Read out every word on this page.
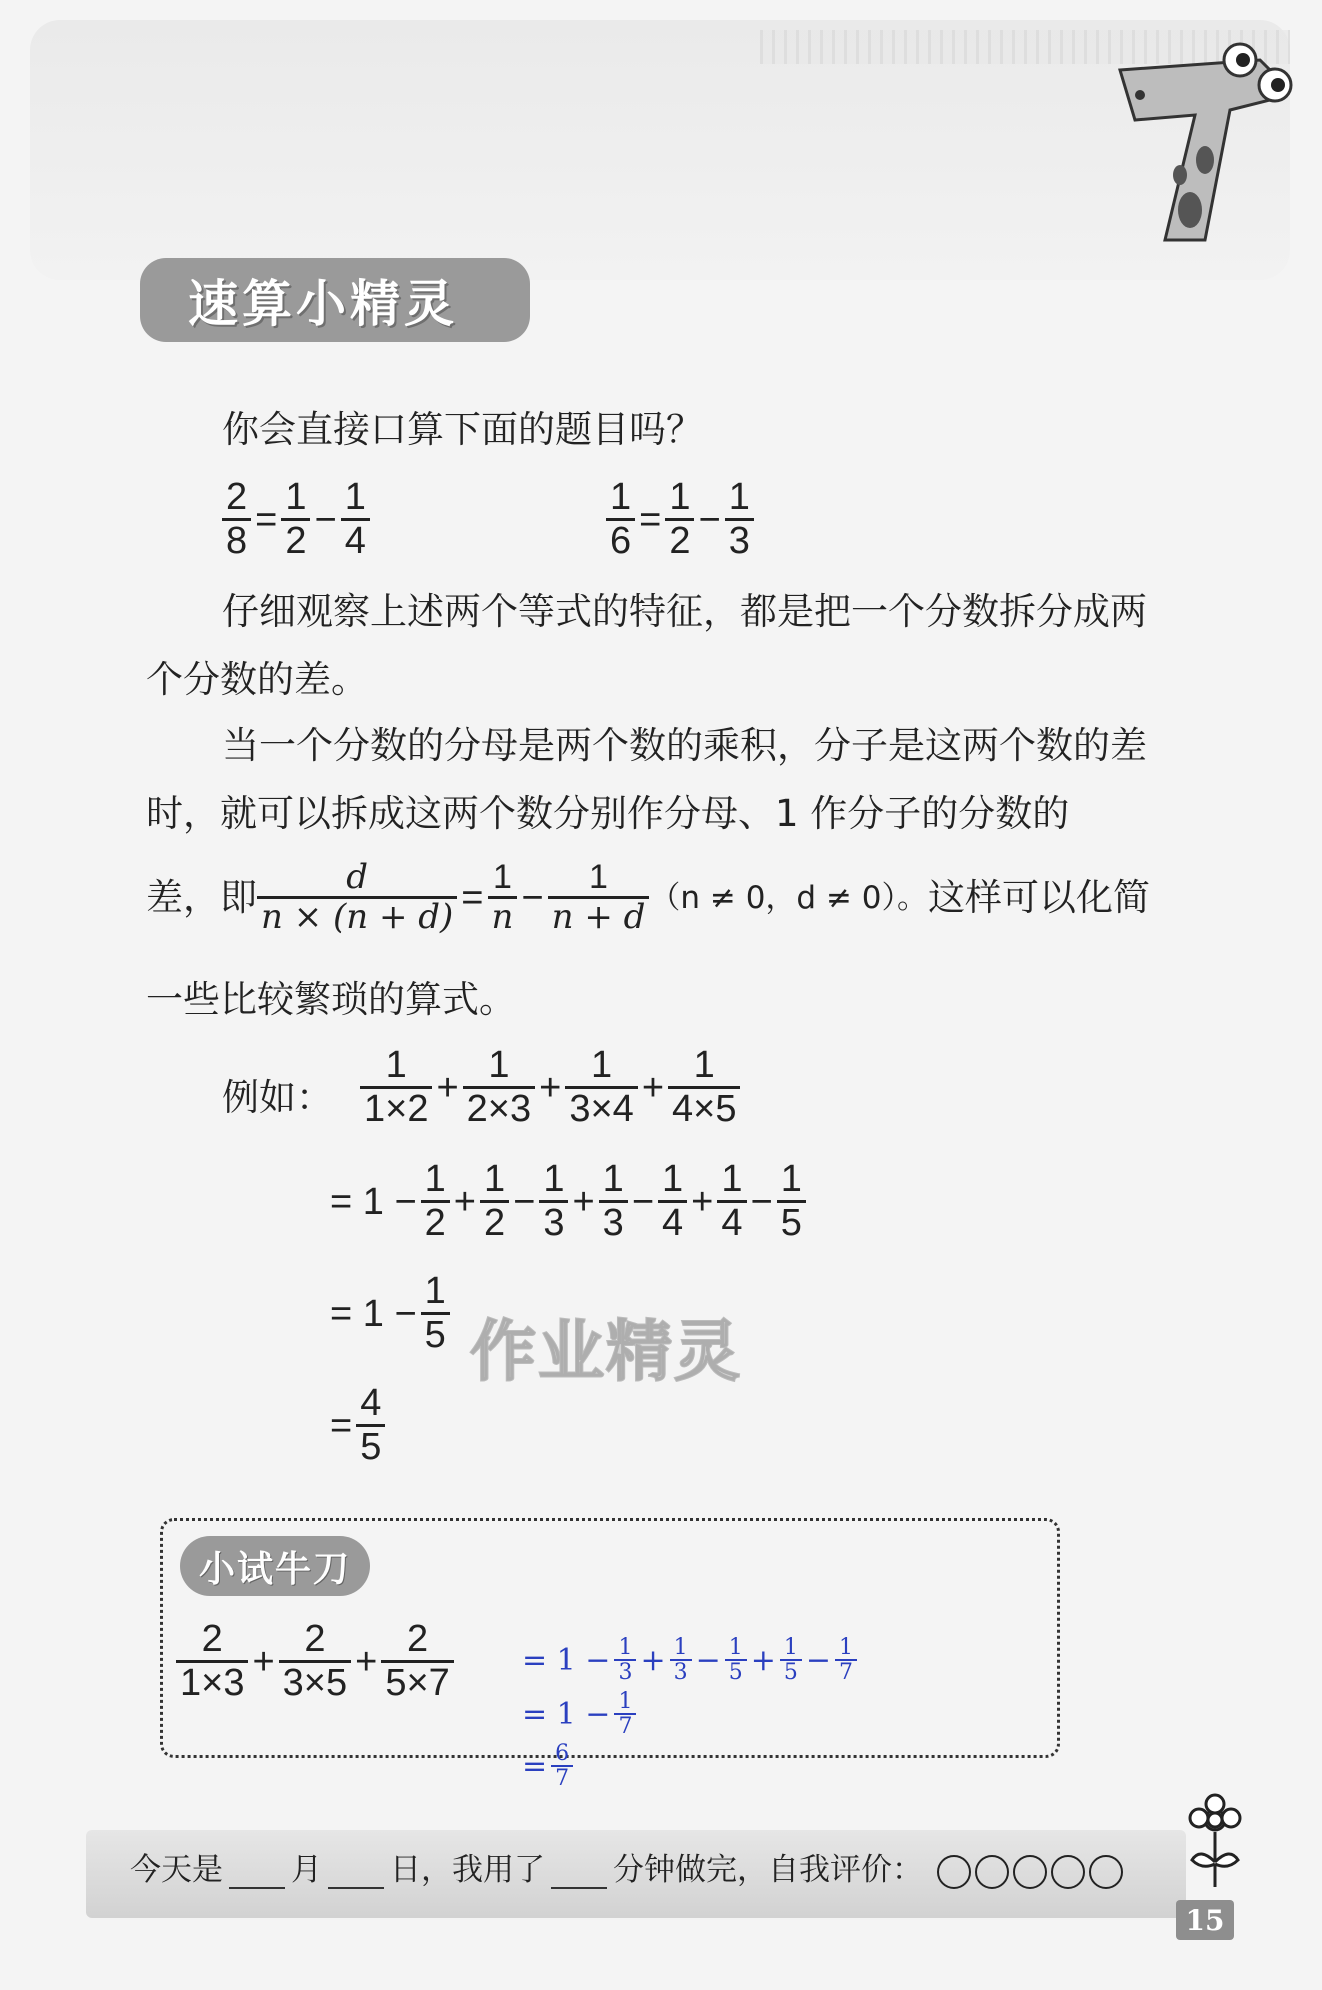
速算小精灵
你会直接口算下面的题目吗？
$\frac{2}{8} = \frac{1}{2} - \frac{1}{4}$	$\frac{1}{6} = \frac{1}{2} - \frac{1}{3}$
仔细观察上述两个等式的特征，都是把一个分数拆分成两个分数的差。
当一个分数的分母是两个数的乘积，分子是这两个数的差时，就可以拆成这两个数分别作分母、1 作分子的分数的
差，即 $\frac{d}{n \times (n + d)} = \frac{1}{n} - \frac{1}{n + d} (n \ne 0$，d ≠ 0）。 这样可以化简
一些比较繁琐的算式。
例如： $\frac{1}{1\times 2} + \frac{1}{2\times 3} + \frac{1}{3\times 4} + \frac{1}{4\times 5}$
= $1 - \frac{1}{2} + \frac{1}{2} - \frac{1}{3} + \frac{1}{3} - \frac{1}{4} + \frac{1}{4} - \frac{1}{5}$
= $1 - \frac{1}{5}$
= $\frac{4}{5}$
作业精灵
小试牛刀
$\frac{2}{1\times 3} + \frac{2}{3\times 5} + \frac{2}{5\times 7} = 1 - \frac{1}{3} + \frac{1}{3} - \frac{1}{5} + \frac{1}{5} - \frac{1}{7}$
= $1 - \frac{1}{7}$
= $\frac{6}{7}$
今天是 月 日，我用了 分钟做完，自我评价：
15
